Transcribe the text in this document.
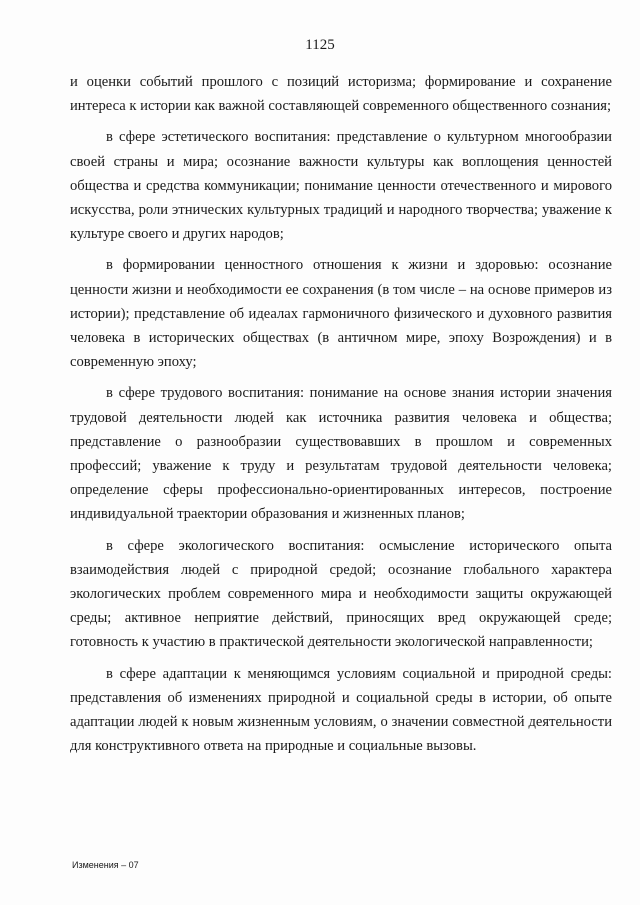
1125

и оценки событий прошлого с позиций историзма; формирование и сохранение интереса к истории как важной составляющей современного общественного сознания;

в сфере эстетического воспитания: представление о культурном многообразии своей страны и мира; осознание важности культуры как воплощения ценностей общества и средства коммуникации; понимание ценности отечественного и мирового искусства, роли этнических культурных традиций и народного творчества; уважение к культуре своего и других народов;

в формировании ценностного отношения к жизни и здоровью: осознание ценности жизни и необходимости ее сохранения (в том числе – на основе примеров из истории); представление об идеалах гармоничного физического и духовного развития человека в исторических обществах (в античном мире, эпоху Возрождения) и в современную эпоху;

в сфере трудового воспитания: понимание на основе знания истории значения трудовой деятельности людей как источника развития человека и общества; представление о разнообразии существовавших в прошлом и современных профессий; уважение к труду и результатам трудовой деятельности человека; определение сферы профессионально-ориентированных интересов, построение индивидуальной траектории образования и жизненных планов;

в сфере экологического воспитания: осмысление исторического опыта взаимодействия людей с природной средой; осознание глобального характера экологических проблем современного мира и необходимости защиты окружающей среды; активное неприятие действий, приносящих вред окружающей среде; готовность к участию в практической деятельности экологической направленности;

в сфере адаптации к меняющимся условиям социальной и природной среды: представления об изменениях природной и социальной среды в истории, об опыте адаптации людей к новым жизненным условиям, о значении совместной деятельности для конструктивного ответа на природные и социальные вызовы.

Изменения – 07
